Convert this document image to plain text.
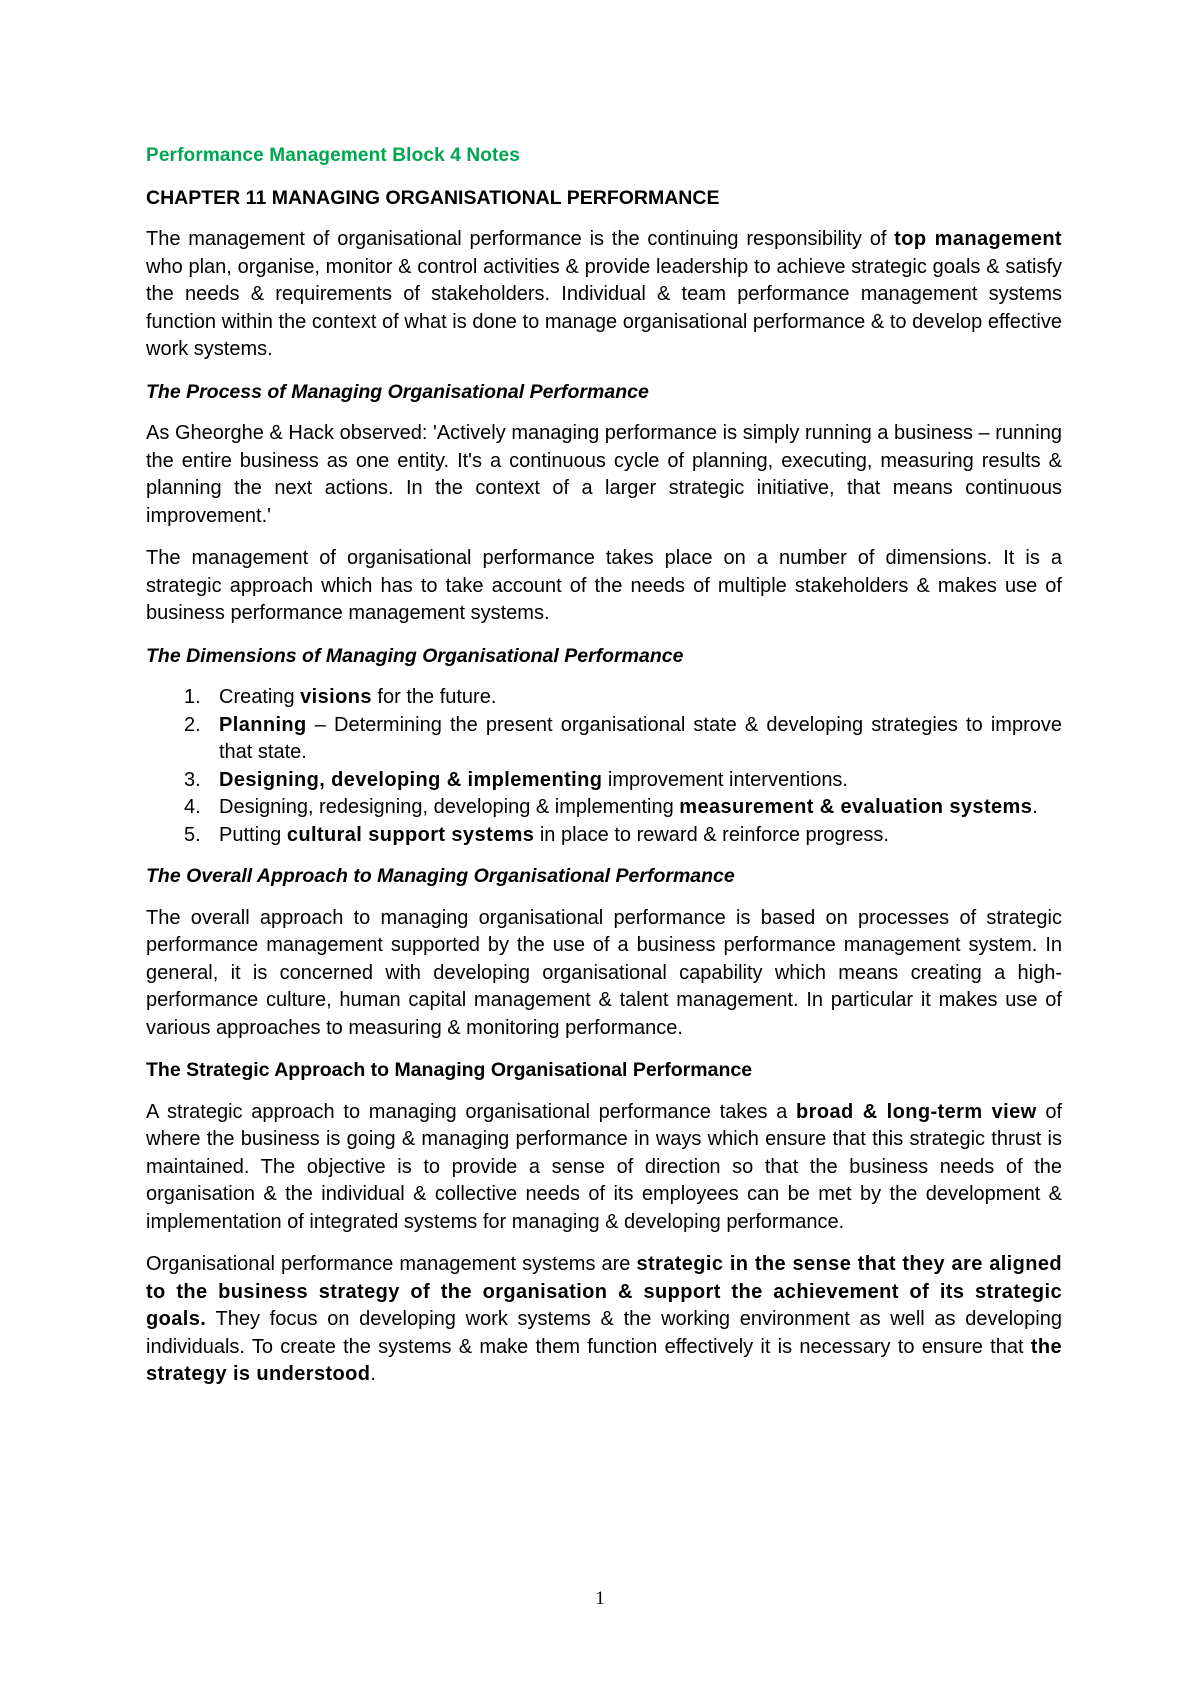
Performance Management Block 4 Notes
CHAPTER 11 MANAGING ORGANISATIONAL PERFORMANCE

The management of organisational performance is the continuing responsibility of top management who plan, organise, monitor & control activities & provide leadership to achieve strategic goals & satisfy the needs & requirements of stakeholders. Individual & team performance management systems function within the context of what is done to manage organisational performance & to develop effective work systems.

The Process of Managing Organisational Performance

As Gheorghe & Hack observed: 'Actively managing performance is simply running a business – running the entire business as one entity. It's a continuous cycle of planning, executing, measuring results & planning the next actions. In the context of a larger strategic initiative, that means continuous improvement.'

The management of organisational performance takes place on a number of dimensions. It is a strategic approach which has to take account of the needs of multiple stakeholders & makes use of business performance management systems.

The Dimensions of Managing Organisational Performance
1. Creating visions for the future.
2. Planning – Determining the present organisational state & developing strategies to improve that state.
3. Designing, developing & implementing improvement interventions.
4. Designing, redesigning, developing & implementing measurement & evaluation systems.
5. Putting cultural support systems in place to reward & reinforce progress.
The Overall Approach to Managing Organisational Performance

The overall approach to managing organisational performance is based on processes of strategic performance management supported by the use of a business performance management system. In general, it is concerned with developing organisational capability which means creating a high-performance culture, human capital management & talent management. In particular it makes use of various approaches to measuring & monitoring performance.

The Strategic Approach to Managing Organisational Performance

A strategic approach to managing organisational performance takes a broad & long-term view of where the business is going & managing performance in ways which ensure that this strategic thrust is maintained. The objective is to provide a sense of direction so that the business needs of the organisation & the individual & collective needs of its employees can be met by the development & implementation of integrated systems for managing & developing performance.

Organisational performance management systems are strategic in the sense that they are aligned to the business strategy of the organisation & support the achievement of its strategic goals. They focus on developing work systems & the working environment as well as developing individuals. To create the systems & make them function effectively it is necessary to ensure that the strategy is understood.

1
